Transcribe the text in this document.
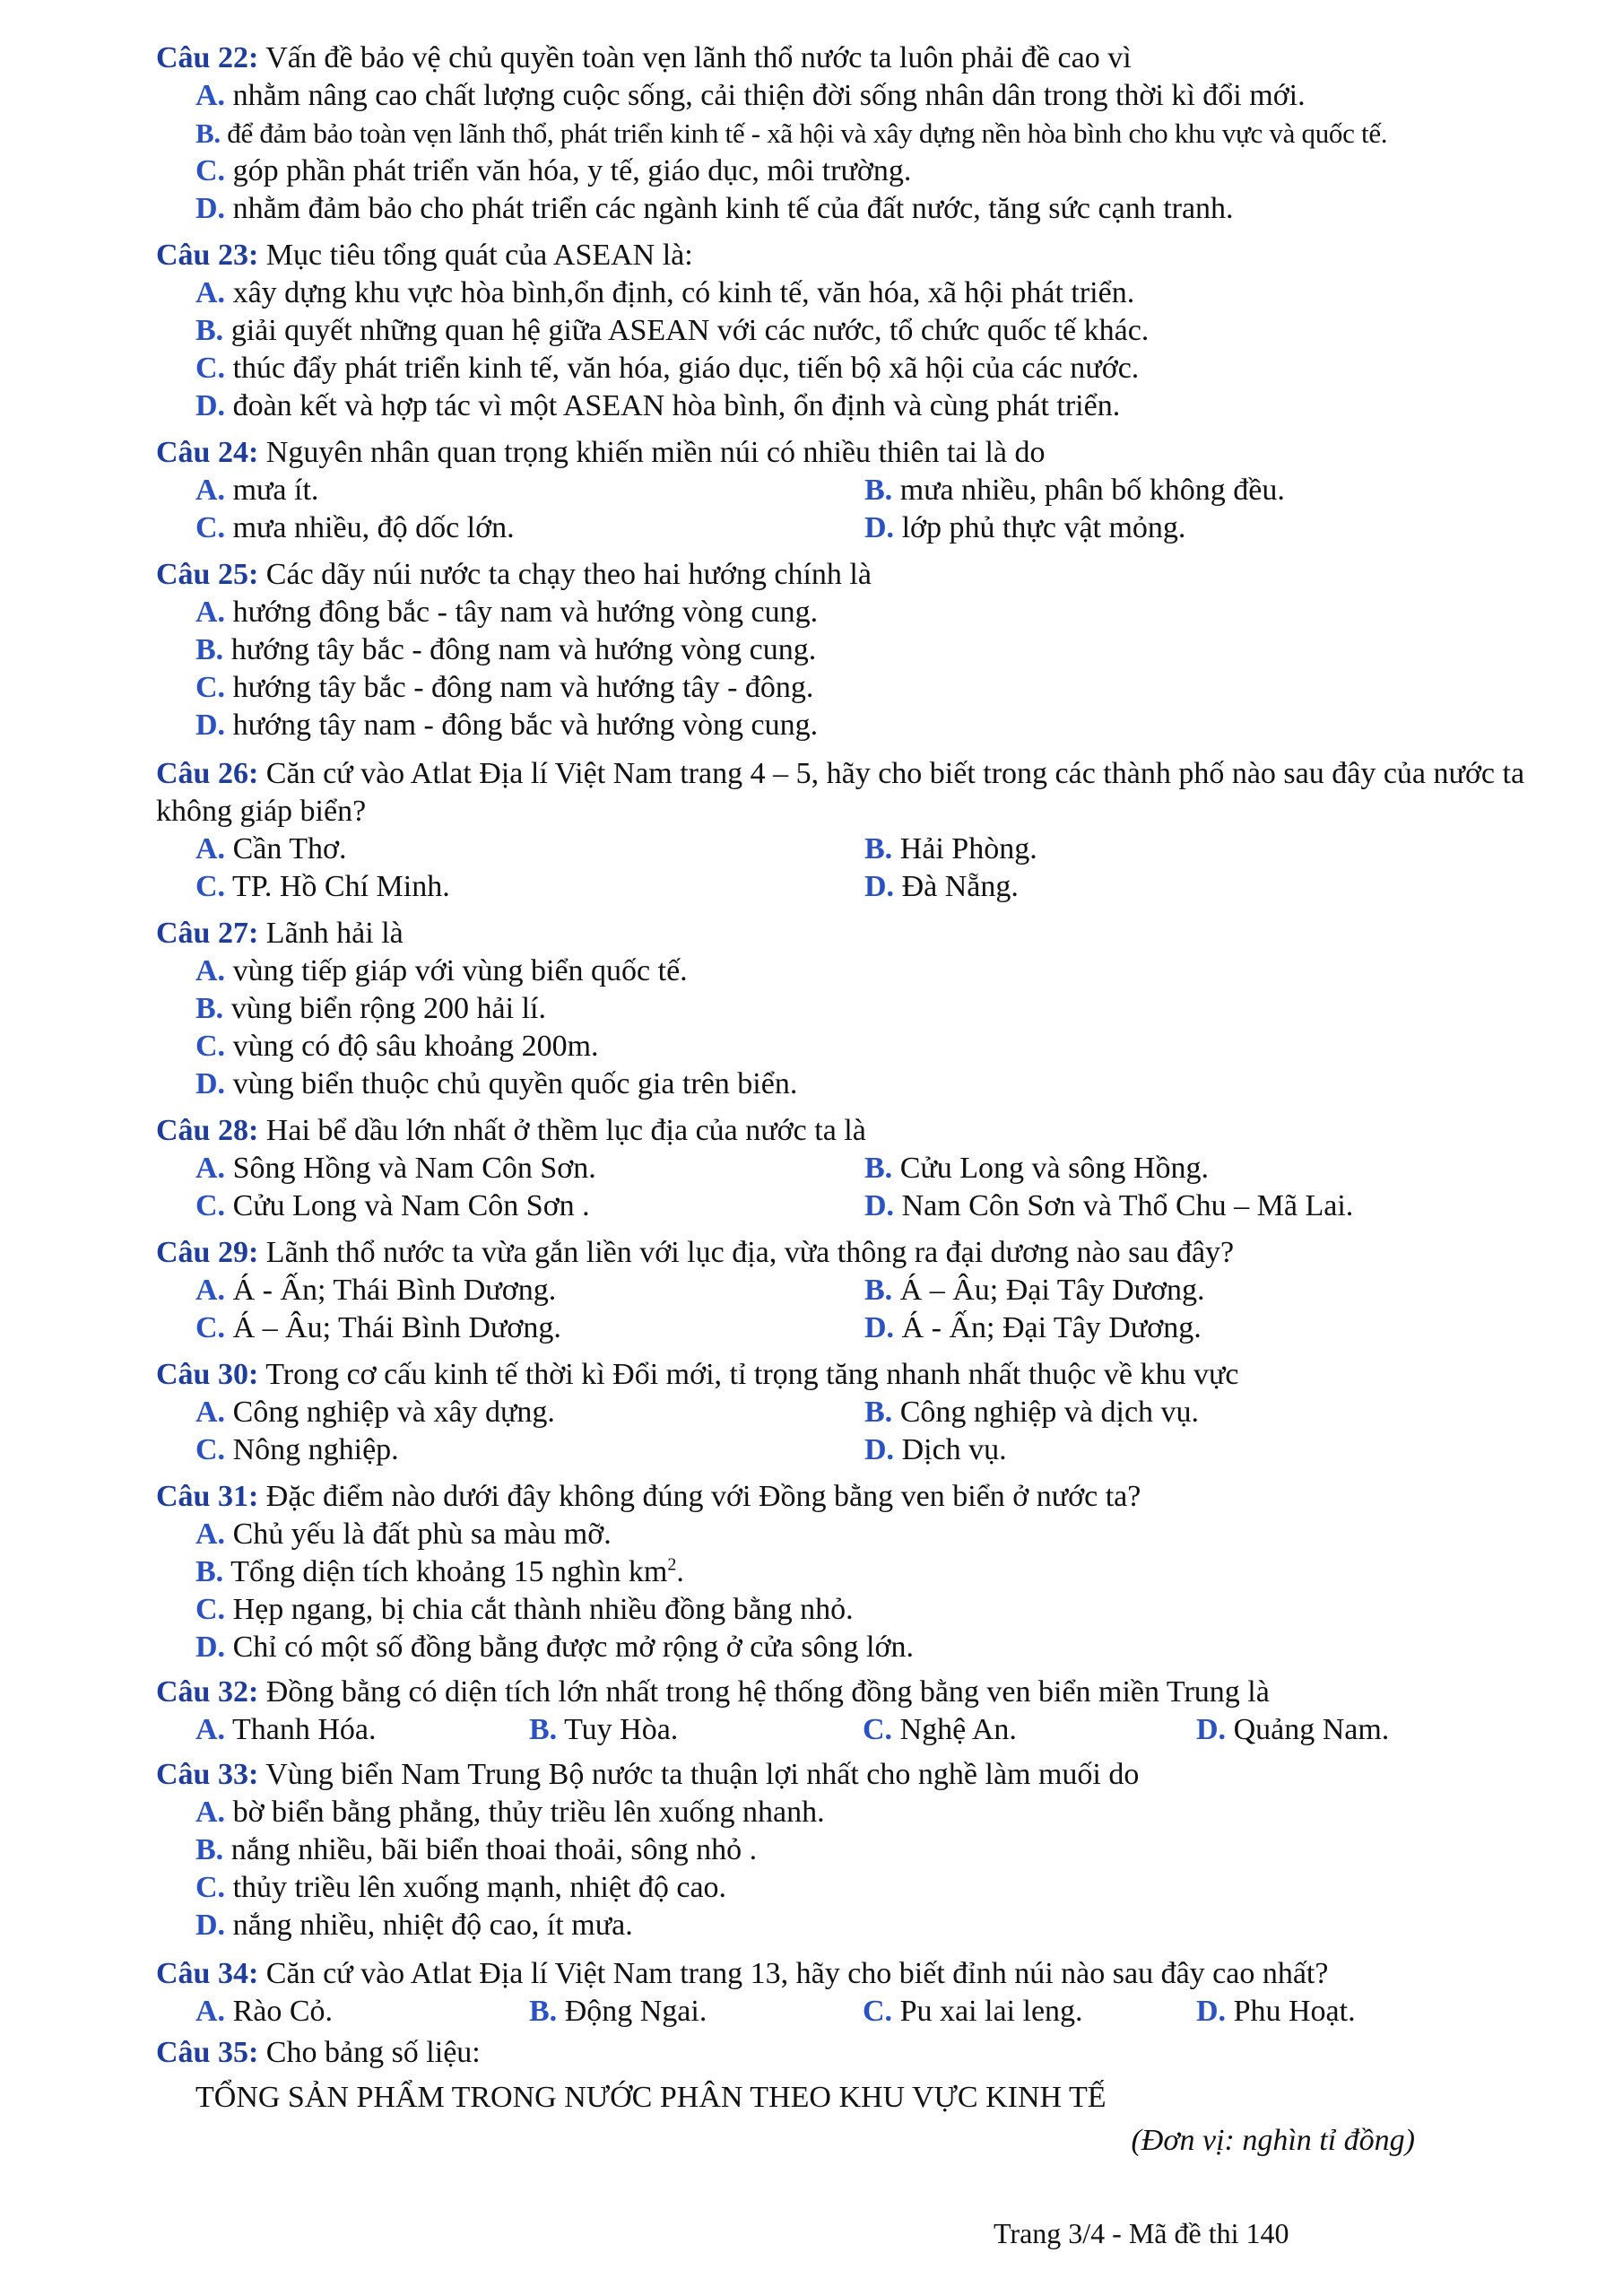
Câu 22: Vấn đề bảo vệ chủ quyền toàn vẹn lãnh thổ nước ta luôn phải đề cao vì

A. nhằm nâng cao chất lượng cuộc sống, cải thiện đời sống nhân dân trong thời kì đổi mới.
B. để đảm bảo toàn vẹn lãnh thổ, phát triển kinh tế - xã hội và xây dựng nền hòa bình cho khu vực và quốc tế.
C. góp phần phát triển văn hóa, y tế, giáo dục, môi trường.
D. nhằm đảm bảo cho phát triển các ngành kinh tế của đất nước, tăng sức cạnh tranh.

Câu 23: Mục tiêu tổng quát của ASEAN là:

A. xây dựng khu vực hòa bình,ổn định, có kinh tế, văn hóa, xã hội phát triển.
B. giải quyết những quan hệ giữa ASEAN với các nước, tổ chức quốc tế khác.
C. thúc đẩy phát triển kinh tế, văn hóa, giáo dục, tiến bộ xã hội của các nước.
D. đoàn kết và hợp tác vì một ASEAN hòa bình, ổn định và cùng phát triển.

Câu 24: Nguyên nhân quan trọng khiến miền núi có nhiều thiên tai là do

A. mưa ít.	B. mưa nhiều, phân bố không đều.
C. mưa nhiều, độ dốc lớn.	D. lớp phủ thực vật mỏng.

Câu 25: Các dãy núi nước ta chạy theo hai hướng chính là

A. hướng đông bắc - tây nam và hướng vòng cung.
B. hướng tây bắc - đông nam và hướng vòng cung.
C. hướng tây bắc - đông nam và hướng tây - đông.
D. hướng tây nam - đông bắc và hướng vòng cung.

Câu 26: Căn cứ vào Atlat Địa lí Việt Nam trang 4 – 5, hãy cho biết trong các thành phố nào sau đây của nước ta không giáp biển?

A. Cần Thơ.	B. Hải Phòng.
C. TP. Hồ Chí Minh.	D. Đà Nẵng.

Câu 27: Lãnh hải là

A. vùng tiếp giáp với vùng biển quốc tế.
B. vùng biển rộng 200 hải lí.
C. vùng có độ sâu khoảng 200m.
D. vùng biển thuộc chủ quyền quốc gia trên biển.

Câu 28: Hai bể dầu lớn nhất ở thềm lục địa của nước ta là

A. Sông Hồng và Nam Côn Sơn.	B. Cửu Long và sông Hồng.
C. Cửu Long và Nam Côn Sơn .	D. Nam Côn Sơn và Thổ Chu – Mã Lai.

Câu 29: Lãnh thổ nước ta vừa gắn liền với lục địa, vừa thông ra đại dương nào sau đây?

A. Á - Ấn; Thái Bình Dương.	B. Á – Âu; Đại Tây Dương.
C. Á – Âu; Thái Bình Dương.	D. Á - Ấn; Đại Tây Dương.

Câu 30: Trong cơ cấu kinh tế thời kì Đổi mới, tỉ trọng tăng nhanh nhất thuộc về khu vực

A. Công nghiệp và xây dựng.	B. Công nghiệp và dịch vụ.
C. Nông nghiệp.	D. Dịch vụ.

Câu 31: Đặc điểm nào dưới đây không đúng với Đồng bằng ven biển ở nước ta?

A. Chủ yếu là đất phù sa màu mỡ.
B. Tổng diện tích khoảng 15 nghìn $km^2$.
C. Hẹp ngang, bị chia cắt thành nhiều đồng bằng nhỏ.
D. Chỉ có một số đồng bằng được mở rộng ở cửa sông lớn.

Câu 32: Đồng bằng có diện tích lớn nhất trong hệ thống đồng bằng ven biển miền Trung là

A. Thanh Hóa.	B. Tuy Hòa.	C. Nghệ An.	D. Quảng Nam.

Câu 33: Vùng biển Nam Trung Bộ nước ta thuận lợi nhất cho nghề làm muối do

A. bờ biển bằng phẳng, thủy triều lên xuống nhanh.
B. nắng nhiều, bãi biển thoai thoải, sông nhỏ .
C. thủy triều lên xuống mạnh, nhiệt độ cao.
D. nắng nhiều, nhiệt độ cao, ít mưa.

Câu 34: Căn cứ vào Atlat Địa lí Việt Nam trang 13, hãy cho biết đỉnh núi nào sau đây cao nhất?

A. Rào Cỏ.	B. Động Ngai.	C. Pu xai lai leng.	D. Phu Hoạt.

Câu 35: Cho bảng số liệu:

TỔNG SẢN PHẨM TRONG NƯỚC PHÂN THEO KHU VỰC KINH TẾ
(Đơn vị: nghìn tỉ đồng)
Trang 3/4 - Mã đề thi 140
